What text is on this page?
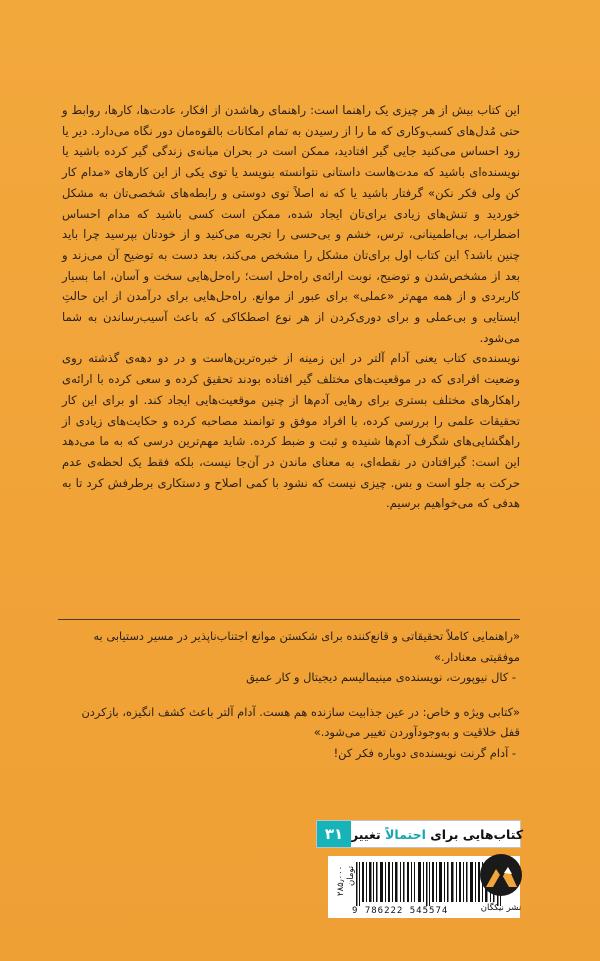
این کتاب بیش از هر چیزی یک راهنما است: راهنمای رهاشدن از افکار، عادت‌ها، کارها، روابط و حتی مُدل‌های کسب‌وکاری که ما را از رسیدن به تمام امکانات بالقوه‌مان دور نگاه می‌دارد. دیر یا زود احساس می‌کنید جایی گیر افتادید، ممکن است در بحران میانه‌ی زندگی گیر کرده باشید یا نویسنده‌ای باشید که مدت‌هاست داستانی نتوانسته بنویسد یا توی یکی از این کارهای «مدام کار کن ولی فکر نکن» گرفتار باشید یا که نه اصلاً توی دوستی و رابطه‌های شخصی‌تان به مشکل خوردید و تنش‌های زیادی برای‌تان ایجاد شده، ممکن است کسی باشید که مدام احساس اضطراب، بی‌اطمینانی، ترس، خشم و بی‌حسی را تجربه می‌کنید و از خودتان بپرسید چرا باید چنین باشد؟ این کتاب اول برای‌تان مشکل را مشخص می‌کند، بعد دست به توضیح آن می‌زند و بعد از مشخص‌شدن و توضیح، نوبت ارائه‌ی راه‌حل است؛ راه‌حل‌هایی سخت و آسان، اما بسیار کاربردی و از همه مهم‌تر «عملی» برای عبور از موانع. راه‌حل‌هایی برای درآمدن از این حالتِ ایستایی و بی‌عملی و برای دوری‌کردن از هر نوع اصطکاکی که باعث آسیب‌رساندن به شما می‌شود.

نویسنده‌ی کتاب یعنی آدام آلتر در این زمینه از خبره‌ترین‌هاست و در دو دهه‌ی گذشته روی وضعیت افرادی که در موقعیت‌های مختلف گیر افتاده بودند تحقیق کرده و سعی کرده با ارائه‌ی راهکارهای مختلف بستری برای رهایی آدم‌ها از چنین موقعیت‌هایی ایجاد کند. او برای این کار تحقیقات علمی را بررسی کرده، با افراد موفق و توانمند مصاحبه کرده و حکایت‌های زیادی از راهگشایی‌های شگرف آدم‌ها شنیده و ثبت و ضبط کرده. شاید مهم‌ترین درسی که به ما می‌دهد این است: گیرافتادن در نقطه‌ای، به معنای ماندن در آن‌جا نیست، بلکه فقط یک لحظه‌ی عدم حرکت به جلو است و بس. چیزی نیست که نشود با کمی اصلاح و دستکاری برطرفش کرد تا به هدفی که می‌خواهیم برسیم.

«راهنمایی کاملاً تحقیقاتی و قانع‌کننده برای شکستن موانع اجتناب‌ناپذیر در مسیر دستیابی به موفقیتی معنادار.»
- کال نیوپورت، نویسنده‌ی مینیمالیسم دیجیتال و کار عمیق
«کتابی ویژه و خاص: در عین جذابیت سازنده هم هست. آدام آلتر باعث کشف انگیزه، بازکردن قفل خلاقیت و به‌وجودآوردن تغییر می‌شود.»
- آدام گرنت نویسنده‌ی دوباره فکر کن!
۳۱	کتاب‌هایی برای احتمالاً تغییر
۲۸۵٫۰۰۰ تومان
9 786222 545574	نشر نیکگان
